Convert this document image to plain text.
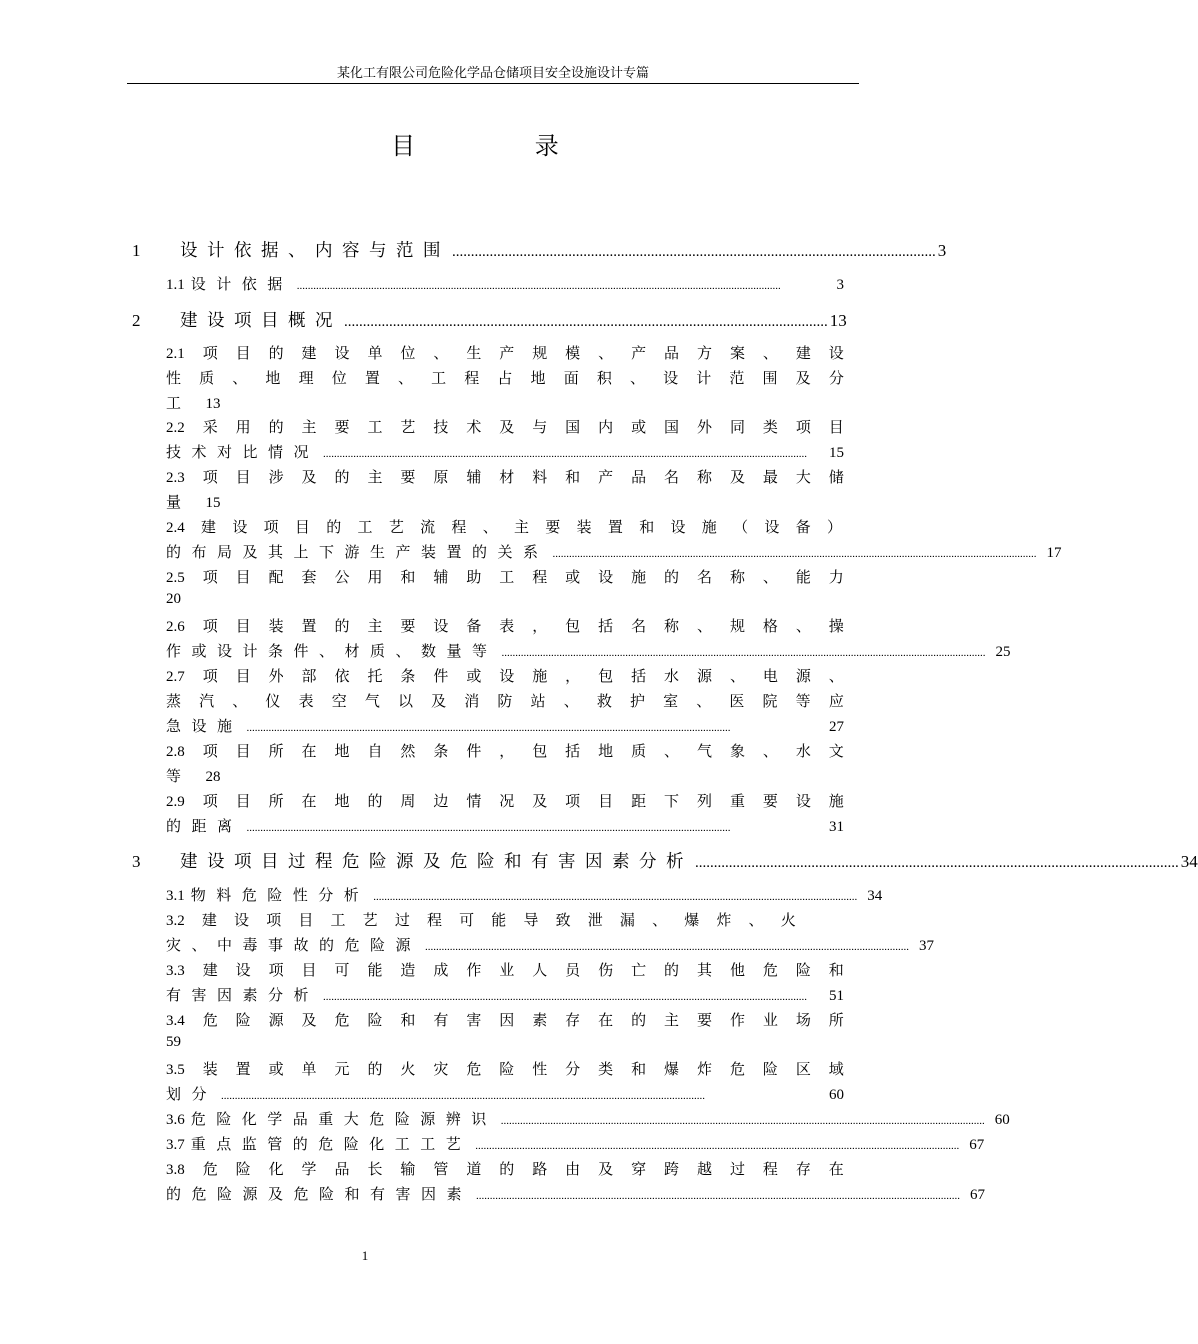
某化工有限公司危险化学品仓储项目安全设施设计专篇
目 录
1	设计依据、内容与范围 ................................................................................................................................. 3
1.1 设计依据 ................................................................................................................................................................................	3
2	建设项目概况 ................................................................................................................................. 13
2.1 项 目 的 建 设 单 位 、 生 产 规 模 、 产 品 方 案 、 建 设
性 质 、 地 理 位 置 、 工 程 占 地 面 积 、 设 计 范 围 及 分
工 13
2.2 采 用 的 主 要 工 艺 技 术 及 与 国 内 或 国 外 同 类 项 目
技术对比情况 ................................................................................................................................................................................	15
2.3 项 目 涉 及 的 主 要 原 辅 材 料 和 产 品 名 称 及 最 大 储
量 15
2.4 建 设 项 目 的 工 艺 流 程 、 主 要 装 置 和 设 施 （ 设 备 ）
的布局及其上下游生产装置的关系 ................................................................................................................................................................................ 17
2.5 项 目 配 套 公 用 和 辅 助 工 程 或 设 施 的 名 称 、 能 力
20
2.6 项 目 装 置 的 主 要 设 备 表 ， 包 括 名 称 、 规 格 、 操
作或设计条件、材质、数量等 ................................................................................................................................................................................ 25
2.7 项 目 外 部 依 托 条 件 或 设 施 ， 包 括 水 源 、 电 源 、
蒸 汽 、 仪 表 空 气 以 及 消 防 站 、 救 护 室 、 医 院 等 应
急设施 ................................................................................................................................................................................	27
2.8 项 目 所 在 地 自 然 条 件 ， 包 括 地 质 、 气 象 、 水 文
等 28
2.9 项 目 所 在 地 的 周 边 情 况 及 项 目 距 下 列 重 要 设 施
的距离 ................................................................................................................................................................................	31
3	建设项目过程危险源及危险和有害因素分析 ................................................................................................................................. 34
3.1 物料危险性分析 ................................................................................................................................................................................ 34
3.2 建 设 项 目 工 艺 过 程 可 能 导 致 泄 漏 、 爆 炸 、 火
灾、中毒事故的危险源 ................................................................................................................................................................................ 37
3.3 建 设 项 目 可 能 造 成 作 业 人 员 伤 亡 的 其 他 危 险 和
有害因素分析 ................................................................................................................................................................................	51
3.4 危 险 源 及 危 险 和 有 害 因 素 存 在 的 主 要 作 业 场 所
59
3.5 装 置 或 单 元 的 火 灾 危 险 性 分 类 和 爆 炸 危 险 区 域
划分 ................................................................................................................................................................................	60
3.6 危险化学品重大危险源辨识 ................................................................................................................................................................................ 60
3.7 重点监管的危险化工工艺 ................................................................................................................................................................................ 67
3.8 危 险 化 学 品 长 输 管 道 的 路 由 及 穿 跨 越 过 程 存 在
的危险源及危险和有害因素 ................................................................................................................................................................................ 67
1
